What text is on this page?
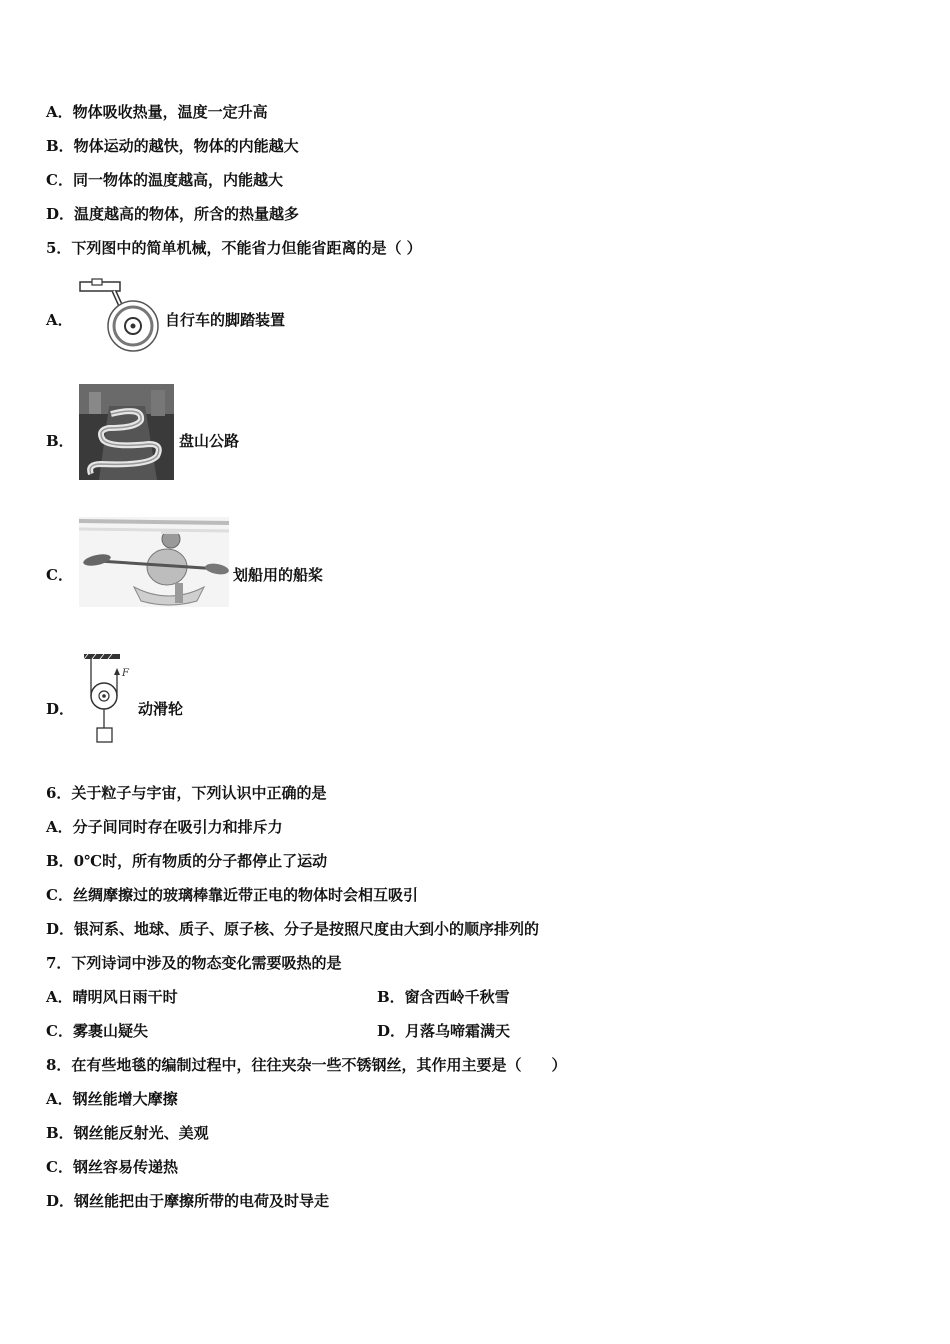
A．物体吸收热量，温度一定升高
B．物体运动的越快，物体的内能越大
C．同一物体的温度越高，内能越大
D．温度越高的物体，所含的热量越多
5．下列图中的简单机械，不能省力但能省距离的是（ ）
A．	自行车的脚踏装置
B．	盘山公路
C．	划船用的船桨
D．
F
动滑轮
6．关于粒子与宇宙，下列认识中正确的是
A．分子间同时存在吸引力和排斥力
B．0℃时，所有物质的分子都停止了运动
C．丝绸摩擦过的玻璃棒靠近带正电的物体时会相互吸引
D．银河系、地球、质子、原子核、分子是按照尺度由大到小的顺序排列的
7．下列诗词中涉及的物态变化需要吸热的是
A．晴明风日雨干时	B．窗含西岭千秋雪
C．雾裹山疑失	D．月落乌啼霜满天
8．在有些地毯的编制过程中，往往夹杂一些不锈钢丝，其作用主要是（　　）
A．钢丝能增大摩擦
B．钢丝能反射光、美观
C．钢丝容易传递热
D．钢丝能把由于摩擦所带的电荷及时导走
